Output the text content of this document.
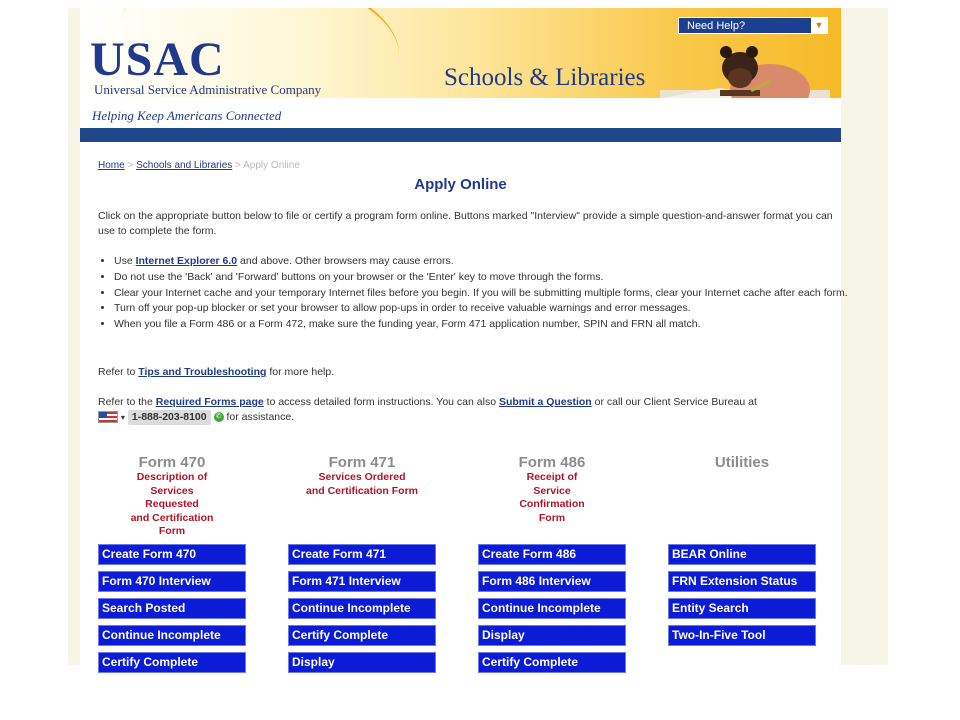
USAC
Universal Service Administrative Company	Schools & Libraries
Need Help?	▼
Helping Keep Americans Connected
Home > Schools and Libraries > Apply Online
Apply Online
Click on the appropriate button below to file or certify a program form online. Buttons marked "Interview" provide a simple question-and-answer format you can use to complete the form.
• Use Internet Explorer 6.0 and above. Other browsers may cause errors.
• Do not use the 'Back' and 'Forward' buttons on your browser or the 'Enter' key to move through the forms.
• Clear your Internet cache and your temporary Internet files before you begin. If you will be submitting multiple forms, clear your Internet cache after each form.
• Turn off your pop-up blocker or set your browser to allow pop-ups in order to receive valuable warnings and error messages.
• When you file a Form 486 or a Form 472, make sure the funding year, Form 471 application number, SPIN and FRN all match.
Refer to Tips and Troubleshooting for more help.
Refer to the Required Forms page to access detailed form instructions. You can also Submit a Question or call our Client Service Bureau at
▾ 1-888-203-8100 ✆ for assistance.
Form 470
Description of
Services
Requested
and Certification
Form
Create Form 470
Form 470 Interview
Search Posted
Continue Incomplete
Certify Complete
Form 471
Services Ordered
and Certification Form
Create Form 471
Form 471 Interview
Continue Incomplete
Certify Complete
Display
Form 486
Receipt of
Service
Confirmation
Form
Create Form 486
Form 486 Interview
Continue Incomplete
Display
Certify Complete
Utilities
BEAR Online
FRN Extension Status
Entity Search
Two-In-Five Tool
